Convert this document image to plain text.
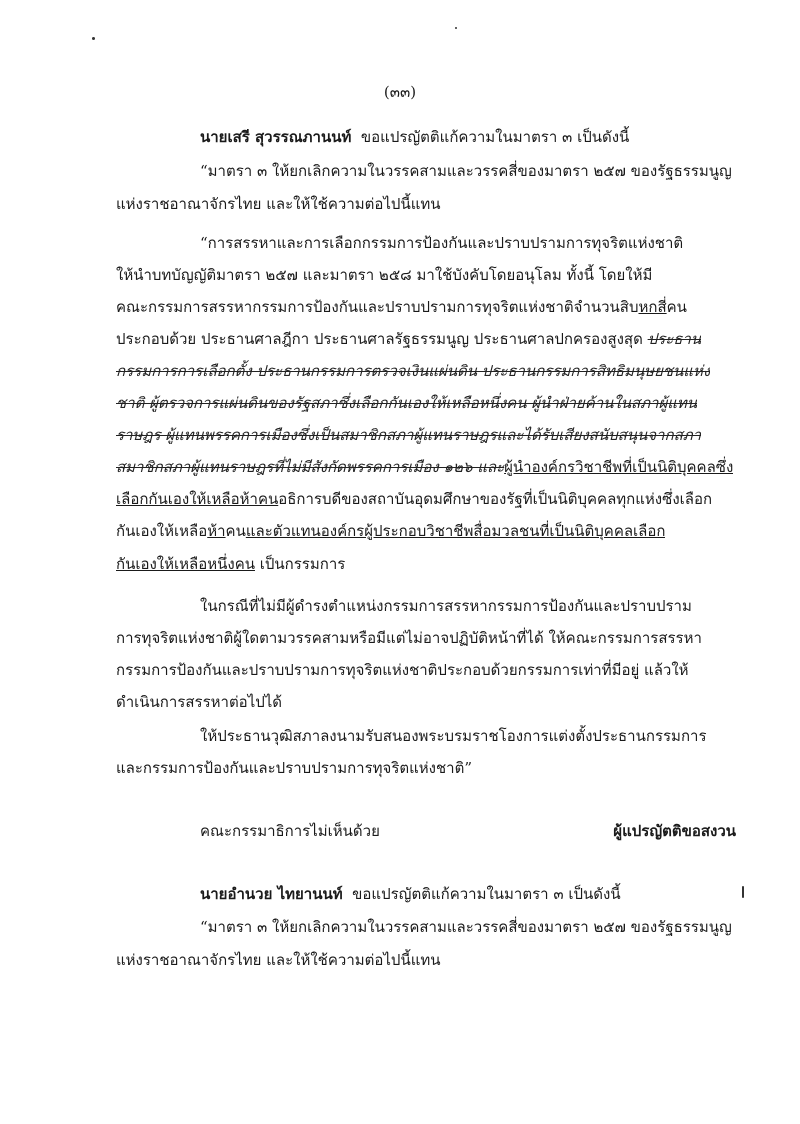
(๓๓)
นายเสรี สุวรรณภานนท์ ขอแปรญัตติแก้ความในมาตรา ๓ เป็นดังนี้
“มาตรา ๓ ให้ยกเลิกความในวรรคสามและวรรคสี่ของมาตรา ๒๕๗ ของรัฐธรรมนูญ
แห่งราชอาณาจักรไทย และให้ใช้ความต่อไปนี้แทน
“การสรรหาและการเลือกกรรมการป้องกันและปราบปรามการทุจริตแห่งชาติ
ให้นำบทบัญญัติมาตรา ๒๕๗ และมาตรา ๒๕๘ มาใช้บังคับโดยอนุโลม ทั้งนี้ โดยให้มี
คณะกรรมการสรรหากรรมการป้องกันและปราบปรามการทุจริตแห่งชาติจำนวนสิบหกสี่คน
ประกอบด้วย ประธานศาลฎีกา ประธานศาลรัฐธรรมนูญ ประธานศาลปกครองสูงสุด ประธาน
กรรมการการเลือกตั้ง ประธานกรรมการตรวจเงินแผ่นดิน ประธานกรรมการสิทธิมนุษยชนแห่ง
ชาติ ผู้ตรวจการแผ่นดินของรัฐสภาซึ่งเลือกกันเองให้เหลือหนึ่งคน ผู้นำฝ่ายค้านในสภาผู้แทน
ราษฎร ผู้แทนพรรคการเมืองซึ่งเป็นสมาชิกสภาผู้แทนราษฎรและได้รับเสียงสนับสนุนจากสภา
สมาชิกสภาผู้แทนราษฎรที่ไม่มีสังกัดพรรคการเมือง ๑๒๖ และผู้นำองค์กรวิชาชีพที่เป็นนิติบุคคลซึ่ง
เลือกกันเองให้เหลือห้าคนอธิการบดีของสถาบันอุดมศึกษาของรัฐที่เป็นนิติบุคคลทุกแห่งซึ่งเลือก
กันเองให้เหลือห้าคนและตัวแทนองค์กรผู้ประกอบวิชาชีพสื่อมวลชนที่เป็นนิติบุคคลเลือก
กันเองให้เหลือหนึ่งคน เป็นกรรมการ
ในกรณีที่ไม่มีผู้ดำรงตำแหน่งกรรมการสรรหากรรมการป้องกันและปราบปราม
การทุจริตแห่งชาติผู้ใดตามวรรคสามหรือมีแต่ไม่อาจปฏิบัติหน้าที่ได้ ให้คณะกรรมการสรรหา
กรรมการป้องกันและปราบปรามการทุจริตแห่งชาติประกอบด้วยกรรมการเท่าที่มีอยู่ แล้วให้
ดำเนินการสรรหาต่อไปได้
ให้ประธานวุฒิสภาลงนามรับสนองพระบรมราชโองการแต่งตั้งประธานกรรมการ
และกรรมการป้องกันและปราบปรามการทุจริตแห่งชาติ”
คณะกรรมาธิการไม่เห็นด้วย	ผู้แปรญัตติขอสงวน
นายอำนวย ไทยานนท์ ขอแปรญัตติแก้ความในมาตรา ๓ เป็นดังนี้
“มาตรา ๓ ให้ยกเลิกความในวรรคสามและวรรคสี่ของมาตรา ๒๕๗ ของรัฐธรรมนูญ
แห่งราชอาณาจักรไทย และให้ใช้ความต่อไปนี้แทน
